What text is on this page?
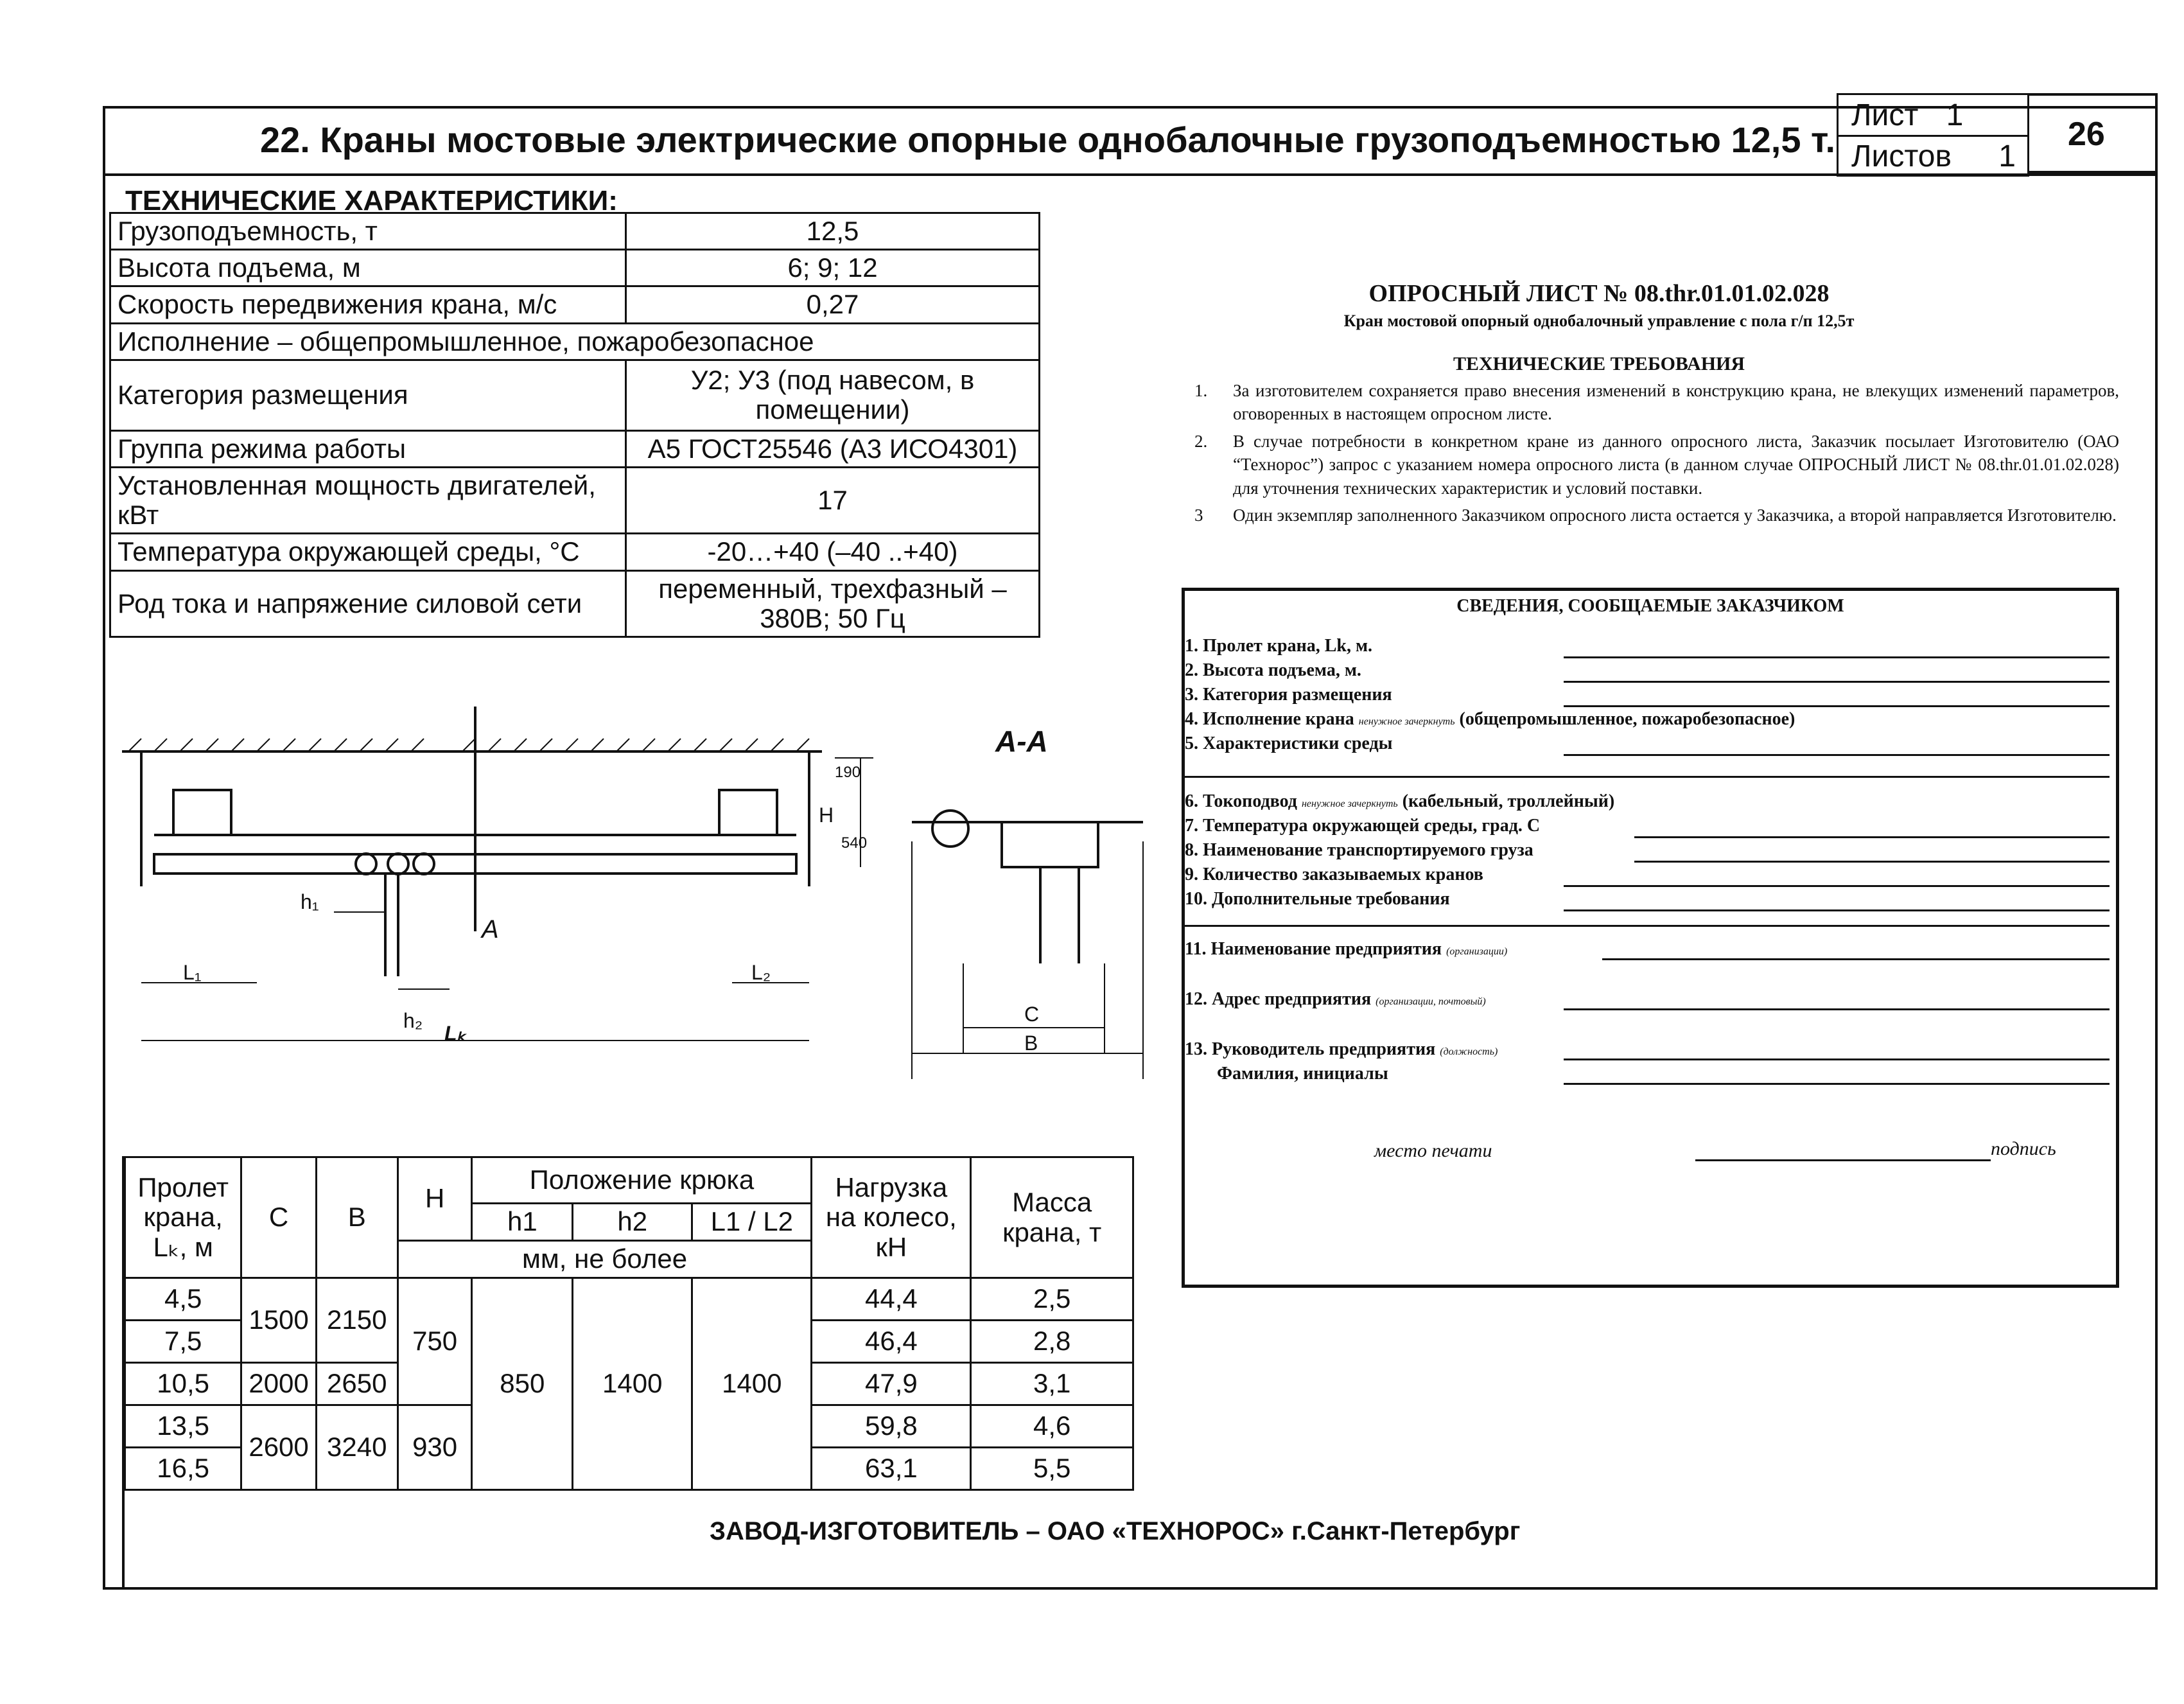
22. Краны мостовые электрические опорные однобалочные грузоподъемностью 12,5 т.
Лист 1
Листов 1
26
ТЕХНИЧЕСКИЕ ХАРАКТЕРИСТИКИ:
Грузоподъемность, т	12,5
Высота подъема, м	6; 9; 12
Скорость передвижения крана, м/с	0,27
Исполнение – общепромышленное, пожаробезопасное	
Категория размещения	У2; У3 (под навесом, в помещении)
Группа режима работы	А5 ГОСТ25546 (А3 ИСО4301)
Установленная мощность двигателей, кВт	17
Температура окружающей среды, °С	-20…+40 (–40 ..+40)
Род тока и напряжение силовой сети	переменный, трехфазный – 380В; 50 Гц
А-А
А
190
540
H
h₁
h₂
L₁	L₂
Lₖ
C
B
ОПРОСНЫЙ ЛИСТ № 08.thr.01.01.02.028
Кран мостовой опорный однобалочный управление с пола г/п 12,5т
ТЕХНИЧЕСКИЕ ТРЕБОВАНИЯ
1.	За изготовителем сохраняется право внесения изменений в конструкцию крана, не влекущих изменений параметров, оговоренных в настоящем опросном листе.
2.	В случае потребности в конкретном кране из данного опросного листа, Заказчик посылает Изготовителю (ОАО “Технорос”) запрос с указанием номера опросного листа (в данном случае ОПРОСНЫЙ ЛИСТ № 08.thr.01.01.02.028) для уточнения технических характеристик и условий поставки.
3	Один экземпляр заполненного Заказчиком опросного листа остается у Заказчика, а второй направляется Изготовителю.
СВЕДЕНИЯ, СООБЩАЕМЫЕ ЗАКАЗЧИКОМ
1. Пролет крана, Lk, м.
2. Высота подъема, м.
3. Категория размещения
4. Исполнение крана ненужное зачеркнуть (общепромышленное, пожаробезопасное)
5. Характеристики среды
6. Токоподвод ненужное зачеркнуть (кабельный, троллейный)
7. Температура окружающей среды, град. С
8. Наименование транспортируемого груза
9. Количество заказываемых кранов
10. Дополнительные требования
11. Наименование предприятия (организации)
12. Адрес предприятия (организации, почтовый)
13. Руководитель предприятия (должность)
Фамилия, инициалы
место печати	подпись
Пролет крана, Lₖ, м	C	B	H	Положение крюка			Нагрузка на колесо, кН	Масса крана, т
				h1	h2	L1 / L2		
			мм, не более					
4,5	1500	2150	750	850	1400	1400	44,4	2,5
7,5							46,4	2,8
10,5	2000	2650					47,9	3,1
13,5	2600	3240	930				59,8	4,6
16,5							63,1	5,5
ЗАВОД-ИЗГОТОВИТЕЛЬ – ОАО «ТЕХНОРОС» г.Санкт-Петербург
